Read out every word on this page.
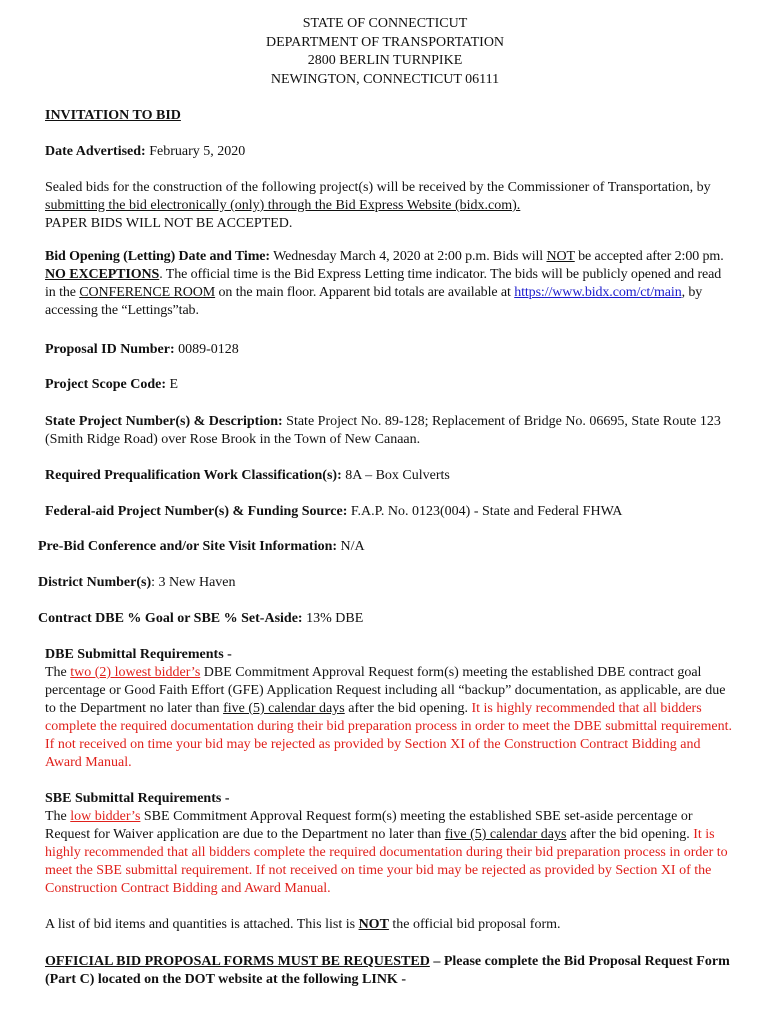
STATE OF CONNECTICUT
DEPARTMENT OF TRANSPORTATION
2800 BERLIN TURNPIKE
NEWINGTON, CONNECTICUT 06111
INVITATION TO BID
Date Advertised: February 5, 2020
Sealed bids for the construction of the following project(s) will be received by the Commissioner of Transportation, by submitting the bid electronically (only) through the Bid Express Website (bidx.com).
PAPER BIDS WILL NOT BE ACCEPTED.
Bid Opening (Letting) Date and Time: Wednesday March 4, 2020 at 2:00 p.m. Bids will NOT be accepted after 2:00 pm. NO EXCEPTIONS. The official time is the Bid Express Letting time indicator. The bids will be publicly opened and read in the CONFERENCE ROOM on the main floor. Apparent bid totals are available at https://www.bidx.com/ct/main, by accessing the “Lettings”tab.
Proposal ID Number: 0089-0128
Project Scope Code: E
State Project Number(s) & Description: State Project No. 89-128; Replacement of Bridge No. 06695, State Route 123 (Smith Ridge Road) over Rose Brook in the Town of New Canaan.
Required Prequalification Work Classification(s): 8A – Box Culverts
Federal-aid Project Number(s) & Funding Source: F.A.P. No. 0123(004) - State and Federal FHWA
Pre-Bid Conference and/or Site Visit Information: N/A
District Number(s): 3 New Haven
Contract DBE % Goal or SBE % Set-Aside: 13% DBE
DBE Submittal Requirements -
The two (2) lowest bidder’s DBE Commitment Approval Request form(s) meeting the established DBE contract goal percentage or Good Faith Effort (GFE) Application Request including all “backup” documentation, as applicable, are due to the Department no later than five (5) calendar days after the bid opening. It is highly recommended that all bidders complete the required documentation during their bid preparation process in order to meet the DBE submittal requirement. If not received on time your bid may be rejected as provided by Section XI of the Construction Contract Bidding and Award Manual.
SBE Submittal Requirements -
The low bidder’s SBE Commitment Approval Request form(s) meeting the established SBE set-aside percentage or Request for Waiver application are due to the Department no later than five (5) calendar days after the bid opening. It is highly recommended that all bidders complete the required documentation during their bid preparation process in order to meet the SBE submittal requirement. If not received on time your bid may be rejected as provided by Section XI of the Construction Contract Bidding and Award Manual.
A list of bid items and quantities is attached. This list is NOT the official bid proposal form.
OFFICIAL BID PROPOSAL FORMS MUST BE REQUESTED – Please complete the Bid Proposal Request Form (Part C) located on the DOT website at the following LINK -
